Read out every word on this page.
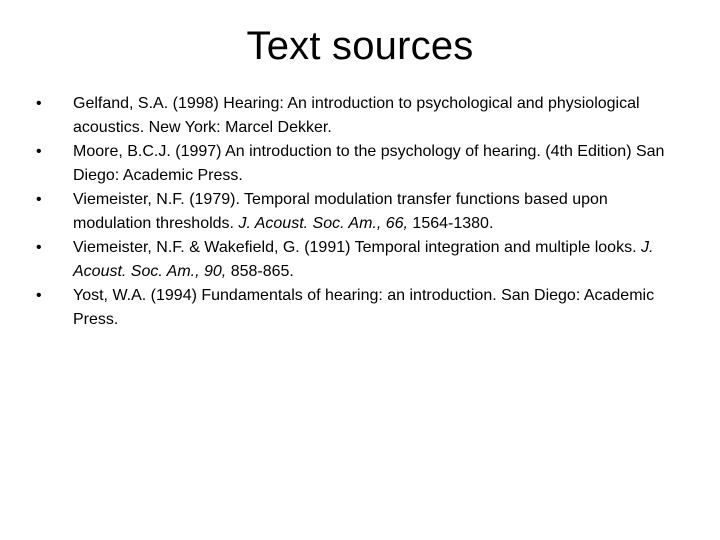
Text sources
•	Gelfand, S.A. (1998) Hearing: An introduction to psychological and physiological acoustics. New York: Marcel Dekker.
•	Moore, B.C.J. (1997) An introduction to the psychology of hearing. (4th Edition) San Diego: Academic Press.
•	Viemeister, N.F. (1979). Temporal modulation transfer functions based upon modulation thresholds. J. Acoust. Soc. Am., 66, 1564-1380.
•	Viemeister, N.F. & Wakefield, G. (1991) Temporal integration and multiple looks. J. Acoust. Soc. Am., 90, 858-865.
•	Yost, W.A. (1994) Fundamentals of hearing: an introduction. San Diego: Academic Press.
